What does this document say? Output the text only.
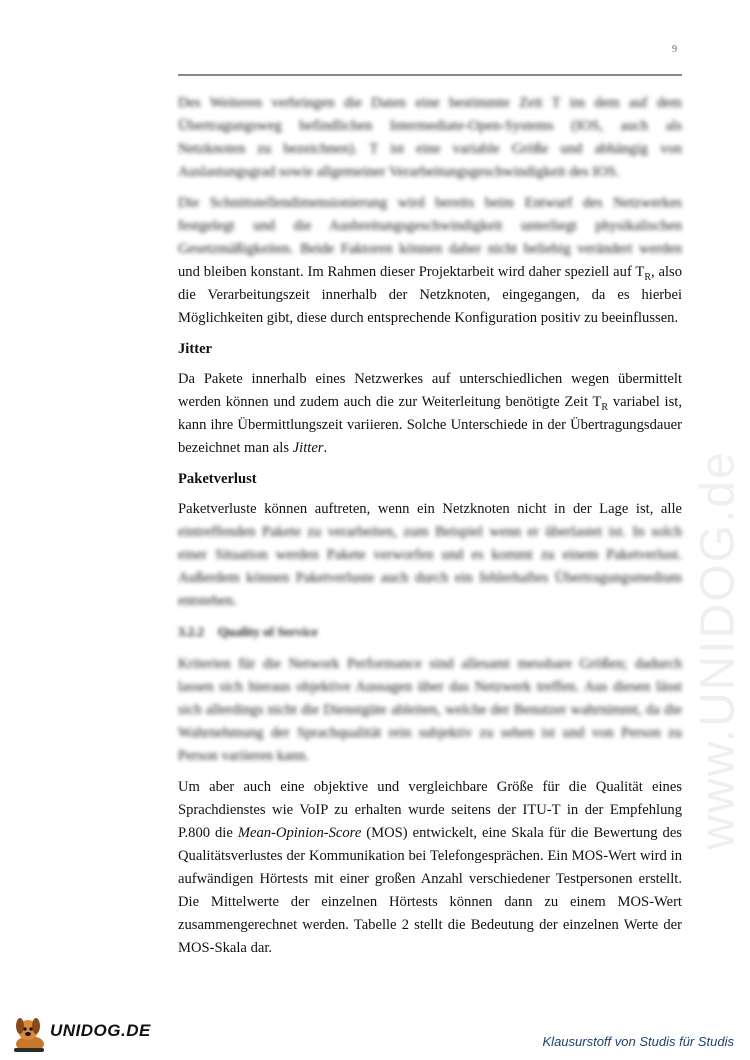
9
www.UNIDOG.de

Des Weiteren verbringen die Daten eine bestimmte Zeit T im dem auf dem Übertragungsweg befindlichen Intermediate-Open-Systems (IOS, auch als Netzknoten zu bezeichnen). T ist eine variable Größe und abhängig von Auslastungsgrad sowie allgemeiner Verarbeitungsgeschwindigkeit des IOS.

Die Schnittstellendimensionierung wird bereits beim Entwurf des Netzwerkes festgelegt und die Ausbreitungsgeschwindigkeit unterliegt physikalischen Gesetzmäßigkeiten. Beide Faktoren können daher nicht beliebig verändert werden und bleiben konstant. Im Rahmen dieser Projektarbeit wird daher speziell auf $T_R$, also die Verarbeitungszeit innerhalb der Netzknoten, eingegangen, da es hierbei Möglichkeiten gibt, diese durch entsprechende Konfiguration positiv zu beeinflussen.

Jitter

Da Pakete innerhalb eines Netzwerkes auf unterschiedlichen wegen übermittelt werden können und zudem auch die zur Weiterleitung benötigte Zeit $T_R$ variabel ist, kann ihre Übermittlungszeit variieren. Solche Unterschiede in der Übertragungsdauer bezeichnet man als Jitter.

Paketverlust

Paketverluste können auftreten, wenn ein Netzknoten nicht in der Lage ist, alle eintreffenden Pakete zu verarbeiten, zum Beispiel wenn er überlastet ist. In solch einer Situation werden Pakete verworfen und es kommt zu einem Paketverlust. Außerdem können Paketverluste auch durch ein fehlerhaftes Übertragungsmedium entstehen.

3.2.2 Quality of Service

Kriterien für die Network Performance sind allesamt messbare Größen; dadurch lassen sich hieraus objektive Aussagen über das Netzwerk treffen. Aus diesen lässt sich allerdings nicht die Dienstgüte ableiten, welche der Benutzer wahrnimmt, da die Wahrnehmung der Sprachqualität rein subjektiv zu sehen ist und von Person zu Person variieren kann.

Um aber auch eine objektive und vergleichbare Größe für die Qualität eines Sprachdienstes wie VoIP zu erhalten wurde seitens der ITU-T in der Empfehlung P.800 die Mean-Opinion-Score (MOS) entwickelt, eine Skala für die Bewertung des Qualitätsverlustes der Kommunikation bei Telefongesprächen. Ein MOS-Wert wird in aufwändigen Hörtests mit einer großen Anzahl verschiedener Testpersonen erstellt. Die Mittelwerte der einzelnen Hörtests können dann zu einem MOS-Wert zusammengerechnet werden. Tabelle 2 stellt die Bedeutung der einzelnen Werte der MOS-Skala dar.

UNIDOG.DE
Klausurstoff von Studis für Studis
